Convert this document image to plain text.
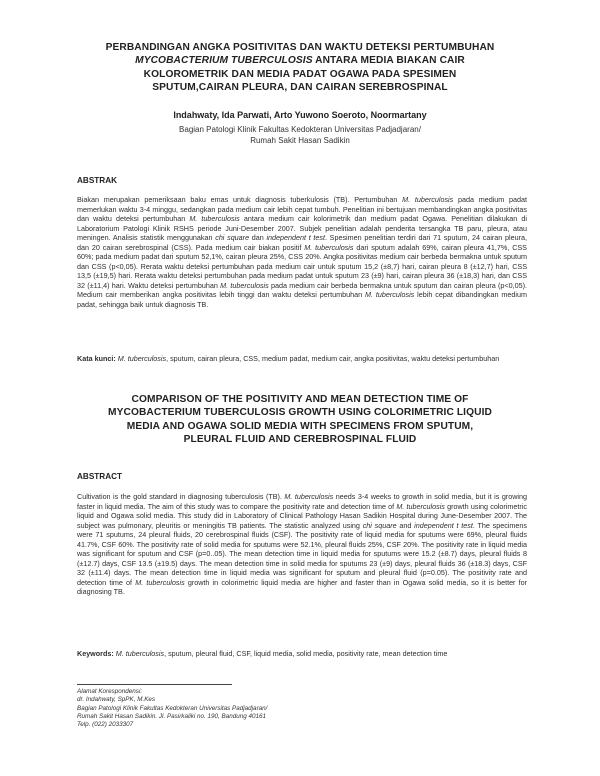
PERBANDINGAN ANGKA POSITIVITAS DAN WAKTU DETEKSI PERTUMBUHAN
MYCOBACTERIUM TUBERCULOSIS ANTARA MEDIA BIAKAN CAIR
KOLOROMETRIK DAN MEDIA PADAT OGAWA PADA SPESIMEN
SPUTUM,CAIRAN PLEURA, DAN CAIRAN SEREBROSPINAL
Indahwaty, Ida Parwati, Arto Yuwono Soeroto, Noormartany
Bagian Patologi Klinik Fakultas Kedokteran Universitas Padjadjaran/
Rumah Sakit Hasan Sadikin
ABSTRAK

Biakan merupakan pemeriksaan baku emas untuk diagnosis tuberkulosis (TB). Pertumbuhan M. tuberculosis pada medium padat memerlukan waktu 3-4 minggu, sedangkan pada medium cair lebih cepat tumbuh. Penelitian ini bertujuan membandingkan angka positivitas dan waktu deteksi pertumbuhan M. tuberculosis antara medium cair kolorimetrik dan medium padat Ogawa. Penelitian dilakukan di Laboratorium Patologi Klinik RSHS periode Juni-Desember 2007. Subjek penelitian adalah penderita tersangka TB paru, pleura, atau meningen. Analisis statistik menggunakan chi square dan independent t test. Spesimen penelitian terdiri dari 71 sputum, 24 cairan pleura, dan 20 cairan serebrospinal (CSS). Pada medium cair biakan positif M. tuberculosis dari sputum adalah 69%, cairan pleura 41,7%, CSS 60%; pada medium padat dari sputum 52,1%, cairan pleura 25%, CSS 20%. Angka positivitas medium cair berbeda bermakna untuk sputum dan CSS (p<0,05). Rerata waktu deteksi pertumbuhan pada medium cair untuk sputum 15,2 (±8,7) hari, cairan pleura 8 (±12,7) hari, CSS 13,5 (±19,5) hari. Rerata waktu deteksi pertumbuhan pada medium padat untuk sputum 23 (±9) hari, cairan pleura 36 (±18,3) hari, dan CSS 32 (±11,4) hari. Waktu deteksi pertumbuhan M. tuberculosis pada medium cair berbeda bermakna untuk sputum dan cairan pleura (p<0,05). Medium cair memberikan angka positivitas lebih tinggi dan waktu deteksi pertumbuhan M. tuberculosis lebih cepat dibandingkan medium padat, sehingga baik untuk diagnosis TB.

Kata kunci: M. tuberculosis, sputum, cairan pleura, CSS, medium padat, medium cair, angka positivitas, waktu deteksi pertumbuhan
COMPARISON OF THE POSITIVITY AND MEAN DETECTION TIME OF
MYCOBACTERIUM TUBERCULOSIS GROWTH USING COLORIMETRIC LIQUID
MEDIA AND OGAWA SOLID MEDIA WITH SPECIMENS FROM SPUTUM,
PLEURAL FLUID AND CEREBROSPINAL FLUID
ABSTRACT

Cultivation is the gold standard in diagnosing tuberculosis (TB). M. tuberculosis needs 3-4 weeks to growth in solid media, but it is growing faster in liquid media. The aim of this study was to compare the positivity rate and detection time of M. tuberculosis growth using colorimetric liquid and Ogawa solid media. This study did in Laboratory of Clinical Pathology Hasan Sadikin Hospital during June-Desember 2007. The subject was pulmonary, pleuritis or meningitis TB patients. The statistic analyzed using chi square and independent t test. The specimens were 71 sputums, 24 pleural fluids, 20 cerebrospinal fluids (CSF). The positivity rate of liquid media for sputums were 69%, pleural fluids 41.7%, CSF 60%. The positivity rate of solid media for sputums were 52.1%, pleural fluids 25%, CSF 20%. The positivity rate in liquid media was significant for sputum and CSF (p=0..05). The mean detection time in liquid media for sputums were 15.2 (±8.7) days, pleural fluids 8 (±12.7) days, CSF 13.5 (±19.5) days. The mean detection time in solid media for sputums 23 (±9) days, pleural fluids 36 (±18.3) days, CSF 32 (±11.4) days. The mean detection time in liquid media was significant for sputum and pleural fluid (p=0.05). The positivity rate and detection time of M. tuberculosis growth in colorimetric liquid media are higher and faster than in Ogawa solid media, so it is better for diagnosing TB.

Keywords: M. tuberculosis, sputum, pleural fluid, CSF, liquid media, solid media, positivity rate, mean detection time
Alamat Korespondensi:
dr. Indahwaty, SpPK, M.Kes
Bagian Patologi Klinik Fakultas Kedokteran Universitas Padjadjaran/
Rumah Sakit Hasan Sadikin. Jl. Pasirkaliki no. 190, Bandung 40161
Telp. (022) 2033307
